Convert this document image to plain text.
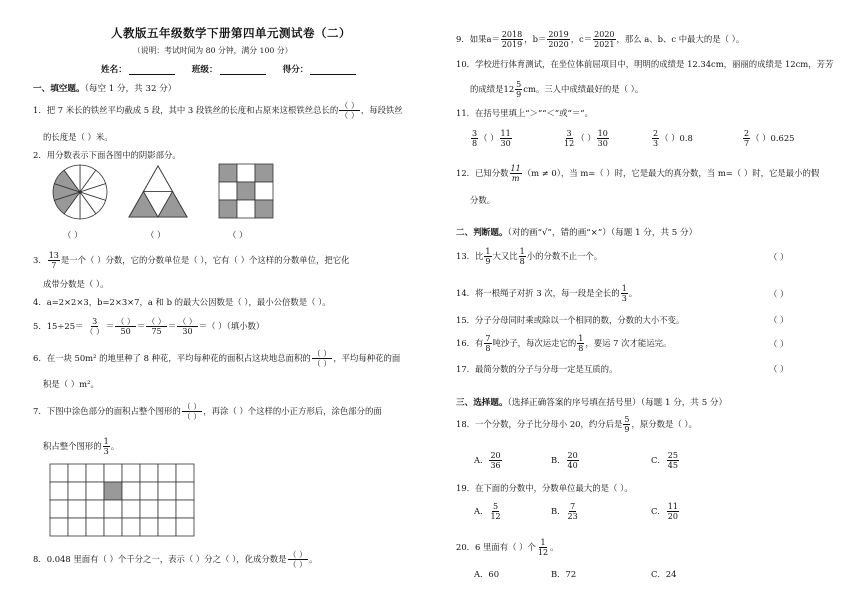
人教版五年级数学下册第四单元测试卷（二）
（说明：考试时间为 80 分钟，满分 100 分）
姓名：	班级：	得分：
一、填空题。（每空 1 分，共 32 分）
1．把 7 米长的铁丝平均截成 5 段，其中 3 段铁丝的长度和占原来这根铁丝总长的 $\frac{( )}{( )}$ ，每段铁丝
的长度是（ ）米。
2．用分数表示下面各图中的阴影部分。
（ ）	（ ）	（ ）
3． $\frac{13}{7}$ 是一个（ ）分数，它的分数单位是（ ），它有（ ）个这样的分数单位，把它化
成带分数是（ ）。
4．a=2×2×3，b=2×3×7，a 和 b 的最大公因数是（ ），最小公倍数是（ ）。
5．$15\div 25= \frac{3}{( )} = \frac{( )}{50} = \frac{( )}{75} = \frac{( )}{30}$ ＝（ ）（填小数）
6．在一块 50m² 的地里种了 8 种花，平均每种花的面积占这块地总面积的 $\frac{( )}{( )}$ ，平均每种花的面
积是（ ）m²。
7．下图中涂色部分的面积占整个图形的 $\frac{( )}{( )}$ ，再涂（ ）个这样的小正方形后，涂色部分的面
积占整个图形的 $\frac{1}{3}$ 。
8．0.048 里面有（ ）个千分之一，表示（ ）分之（ ），化成分数是 $\frac{( )}{( )}$ 。
9．如果$a= \frac{2018}{2019}$ ，$b= \frac{2019}{2020}$ ，$c= \frac{2020}{2021}$ ，那么 a、b、c 中最大的是（ ）。
10．学校进行体育测试，在坐位体前屈项目中，明明的成绩是 12.34cm，丽丽的成绩是 12cm，芳芳
的成绩是$12 \frac{5}{9}$ cm。三人中成绩最好的是（ ）。
11．在括号里填上“＞”“＜”或“＝”。
$\frac{3}{8}$ （ ） $\frac{11}{30}$	$\frac{3}{12}$ （ ） $\frac{10}{30}$	$\frac{2}{3}$ （ ）0.8	$\frac{2}{7}$ （ ）0.625
12．已知分数 $\frac{11}{m} (m \ne 0)$，当 m=（ ）时，它是最大的真分数，当 m=（ ）时，它是最小的假
分数。
二、判断题。（对的画“√”，错的画“×”）（每题 1 分，共 5 分）
13．比 $\frac{1}{9}$ 大又比 $\frac{1}{8}$ 小的分数不止一个。	（ ）
14．将一根绳子对折 3 次，每一段是全长的 $\frac{1}{3}$ 。	（ ）
15．分子分母同时乘或除以一个相同的数，分数的大小不变。	（ ）
16．有 $\frac{7}{8}$ 吨沙子，每次运走它的 $\frac{1}{8}$ ，要运 7 次才能运完。	（ ）
17．最简分数的分子与分母一定是互质的。	（ ）
三、选择题。（选择正确答案的序号填在括号里）（每题 1 分，共 5 分）
18．一个分数，分子比分母小 20，约分后是 $\frac{5}{9}$ ，原分数是（ ）。
A． $\frac{20}{36}$	B． $\frac{20}{40}$	C． $\frac{25}{45}$
19．在下面的分数中，分数单位最大的是（ ）。
A． $\frac{5}{12}$	B． $\frac{7}{23}$	C． $\frac{11}{20}$
20．6 里面有（ ）个 $\frac{1}{12}$ 。
A．60	B．72	C．24
